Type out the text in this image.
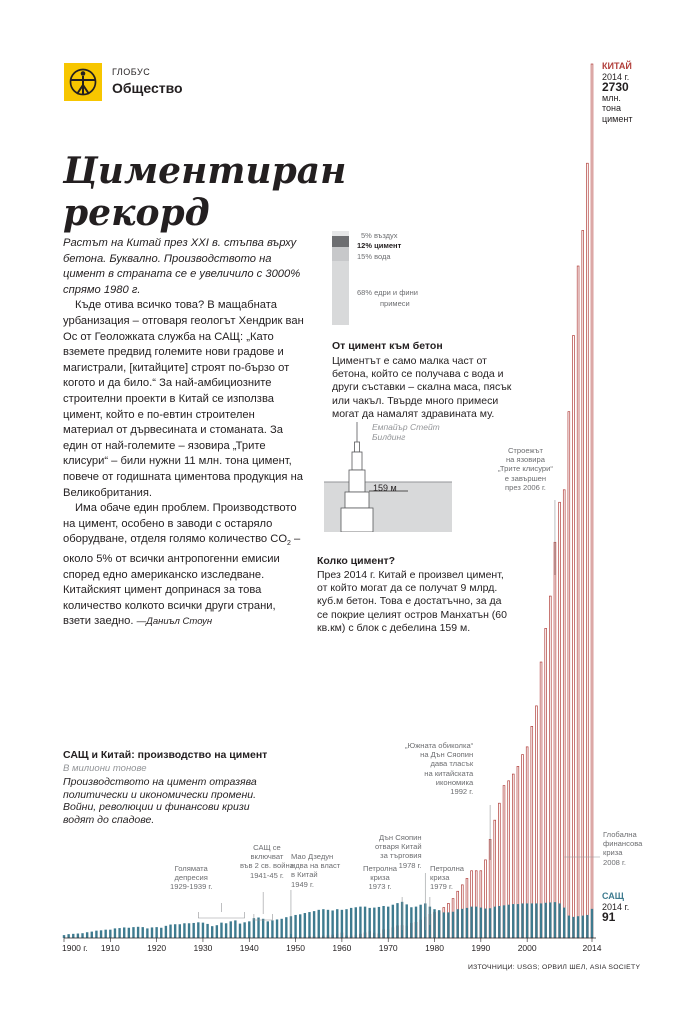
ГЛОБУС
Общество
Циментиран
рекорд

Растът на Китай през XXI в. стъпва върху бетона. Буквално. Производството на цимент в страната се е увеличило с 3000% спрямо 1980 г.

Къде отива всичко това? В мащабната урбанизация – отговаря геологът Хендрик ван Ос от Геоложката служба на САЩ: „Като вземете предвид големите нови градове и магистрали, [китайците] строят по-бързо от когото и да било.“ За най-амбициозните строителни проекти в Китай се използва цимент, който е по-евтин строителен материал от дървесината и стоманата. За един от най-големите – язовира „Трите клисури“ – били нужни 11 млн. тона цимент, повече от годишната циментова продукция на Великобритания.

Има обаче един проблем. Производството на цимент, особено в заводи с остаряло оборудване, отделя голямо количество $CO_2$ – около 5% от всички антропогенни емисии според едно американско изследване. Китайският цимент допринася за това количество колкото всички други страни, взети заедно. —Даниъл Стоун

5% въздух
12% цимент
15% вода
68% едри и фини
примеси
От цимент към бетон
Циментът е само малка част от бетона, който се получава с вода и други съставки – скална маса, пясък или чакъл. Твърде много примеси могат да намалят здравината му.
Емпайър Стейт
Билдинг
159 м
Колко цимент?
През 2014 г. Китай е произвел цимент, от който могат да се получат 9 млрд. куб.м бетон. Това е достатъчно, за да се покрие целият остров Манхатън (60 кв.км) с блок с дебелина 159 м.
САЩ и Китай: производство на цимент
В милиони тонове
Производството на цимент отразява политически и икономически промени. Войни, революции и финансови кризи водят до спадове.
1900 г. 1910	1920	1930	1940	1950	1960	1970	1980	1990	2000	2014
Голямата
депресия
1929-1939 г.
САЩ се
включват
във 2 св. война
1941-45 г.
Мао Дзедун
идва на власт
в Китай
1949 г.
Петролна
криза
1973 г.
Дън Сяопин
отваря Китай
за търговия
1978 г. Петролна
криза
1979 г.
„Южната обиколка“
на Дън Сяопин
дава тласък
на китайската
икономика
1992 г.
Строежът
на язовира
„Трите клисури“
е завършен
през 2006 г.
Глобална
финансова
криза
2008 г.
КИТАЙ
2014 г.
2730
млн.
тона
цимент
САЩ
2014 г.
91
ИЗТОЧНИЦИ: USGS; ОРВИЛ ШЕЛ, ASIA SOCIETY
